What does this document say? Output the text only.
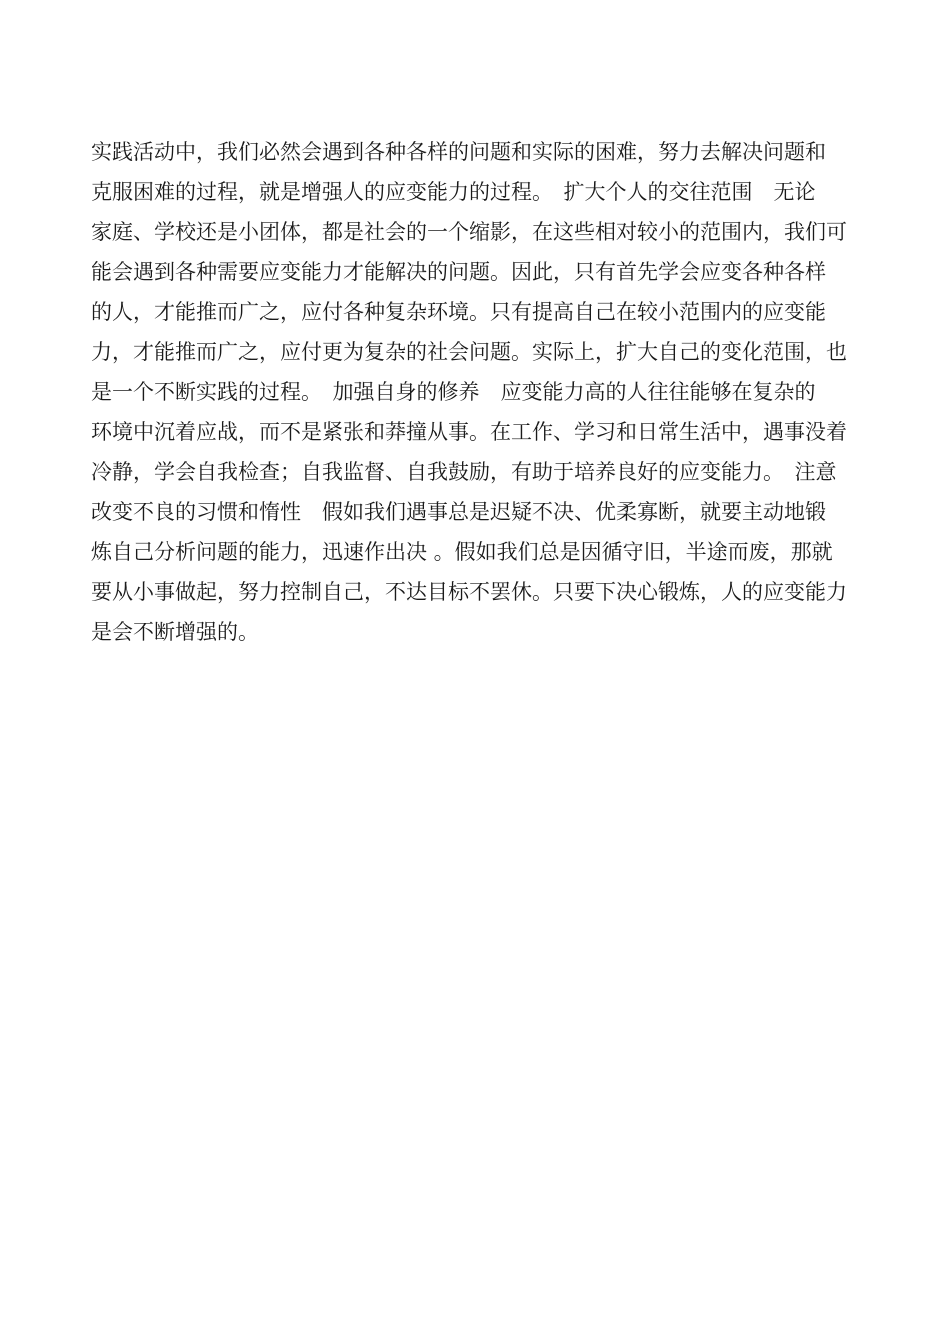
实践活动中，我们必然会遇到各种各样的问题和实际的困难，努力去解决问题和
克服困难的过程，就是增强人的应变能力的过程。　扩大个人的交往范围　无论
家庭、学校还是小团体，都是社会的一个缩影，在这些相对较小的范围内，我们可
能会遇到各种需要应变能力才能解决的问题。因此，只有首先学会应变各种各样
的人，才能推而广之，应付各种复杂环境。只有提高自己在较小范围内的应变能
力，才能推而广之，应付更为复杂的社会问题。实际上，扩大自己的变化范围，也
是一个不断实践的过程。　加强自身的修养　应变能力高的人往往能够在复杂的
环境中沉着应战，而不是紧张和莽撞从事。在工作、学习和日常生活中，遇事没着
冷静，学会自我检查；自我监督、自我鼓励，有助于培养良好的应变能力。　注意
改变不良的习惯和惰性　假如我们遇事总是迟疑不决、优柔寡断，就要主动地锻
炼自己分析问题的能力，迅速作出决 。假如我们总是因循守旧，半途而废，那就
要从小事做起，努力控制自己，不达目标不罢休。只要下决心锻炼，人的应变能力
是会不断增强的。
